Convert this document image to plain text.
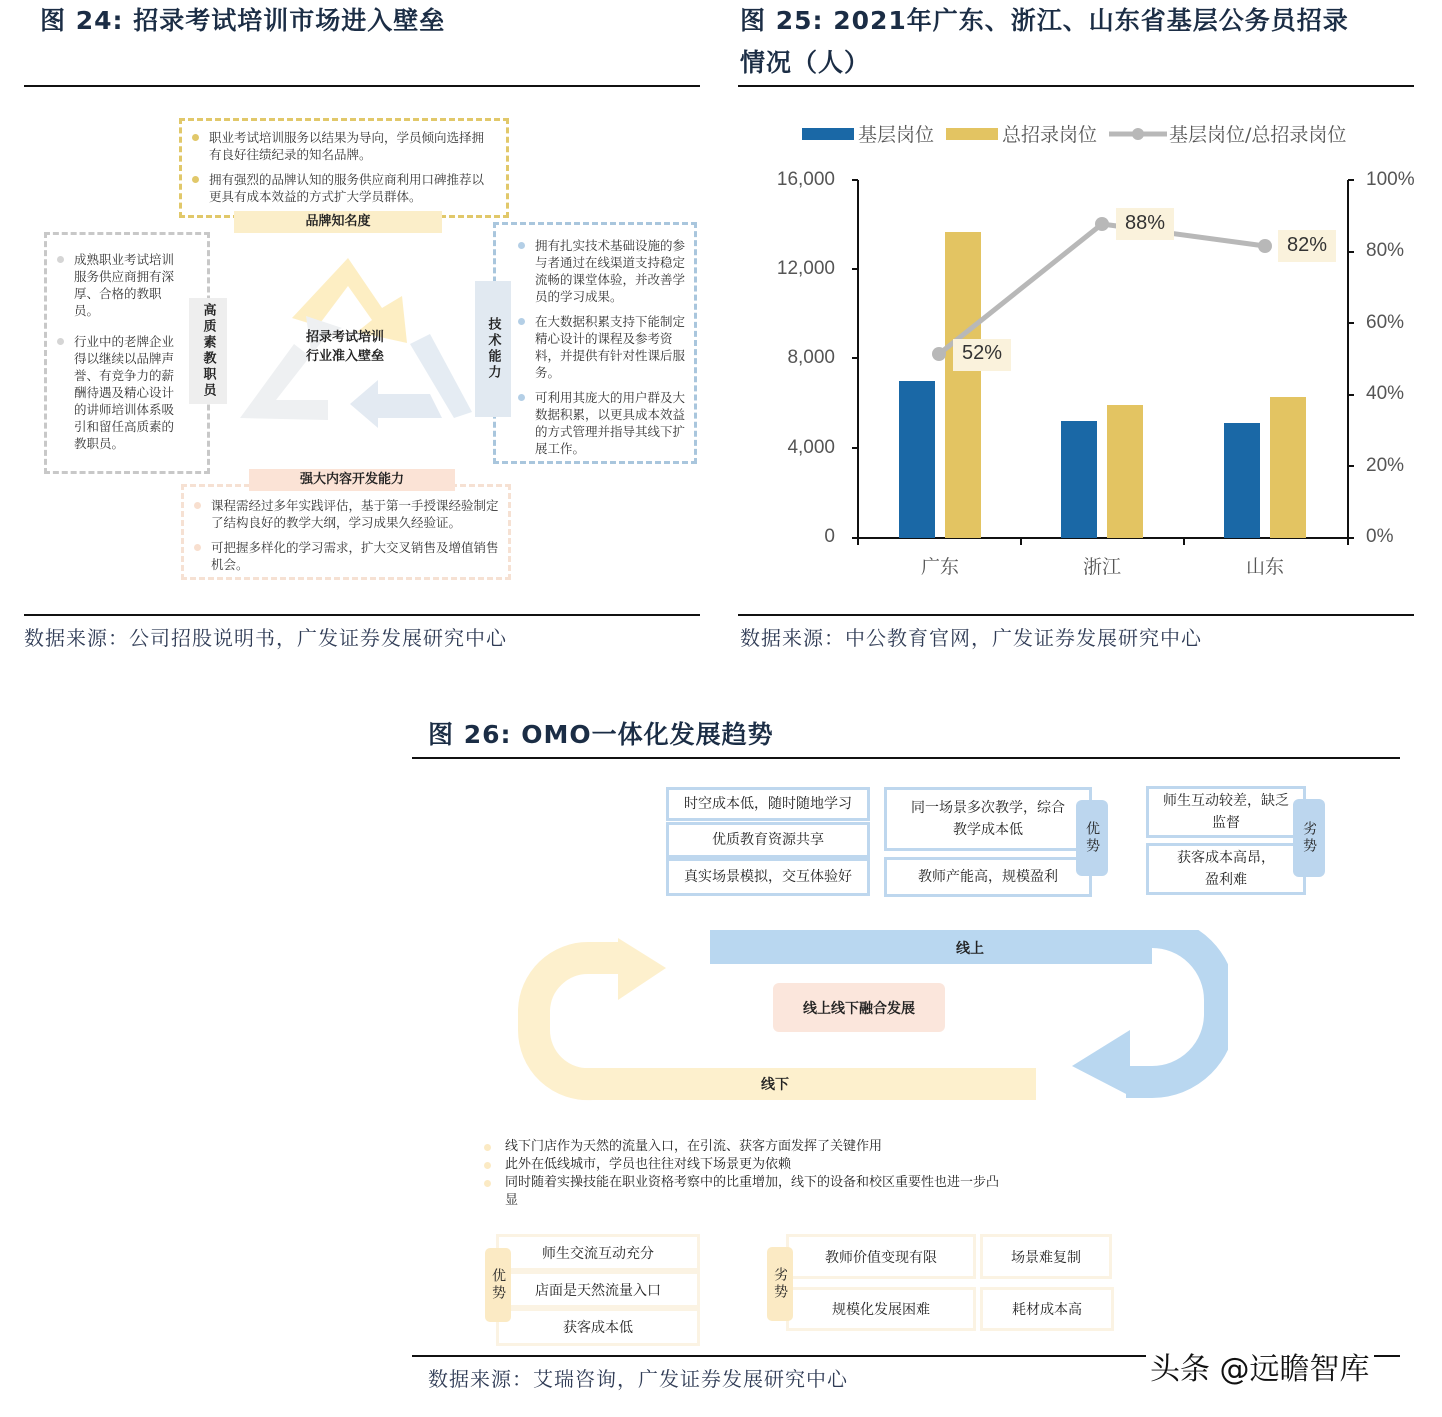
图 24: 招录考试培训市场进入壁垒
职业考试培训服务以结果为导向，学员倾向选择拥有良好往绩纪录的知名品牌。
拥有强烈的品牌认知的服务供应商利用口碑推荐以更具有成本效益的方式扩大学员群体。
品牌知名度
成熟职业考试培训服务供应商拥有深厚、合格的教职员。
行业中的老牌企业得以继续以品牌声誉、有竞争力的薪酬待遇及精心设计的讲师培训体系吸引和留任高质素的教职员。
高质素教职员	招录考试培训行业准入壁垒
拥有扎实技术基础设施的参与者通过在线渠道支持稳定流畅的课堂体验，并改善学员的学习成果。
在大数据积累支持下能制定精心设计的课程及参考资料，并提供有针对性课后服务。
可利用其庞大的用户群及大数据积累，以更具成本效益的方式管理并指导其线下扩展工作。
技术能力
课程需经过多年实践评估，基于第一手授课经验制定了结构良好的教学大纲，学习成果久经验证。
可把握多样化的学习需求，扩大交叉销售及增值销售机会。
强大内容开发能力
数据来源：公司招股说明书，广发证券发展研究中心
图 25: 2021年广东、浙江、山东省基层公务员招录
情况（人）
基层岗位	总招录岗位	基层岗位/总招录岗位
16,000
12,000
8,000
4,000
0
100%
80%
60%
40%
20%
0%
52%
88%
82%
广东	浙江	山东
数据来源：中公教育官网，广发证券发展研究中心
图 26: OMO一体化发展趋势
时空成本低，随时随地学习
优质教育资源共享
真实场景模拟，交互体验好
同一场景多次教学，综合教学成本低
教师产能高，规模盈利
优势
师生互动较差，缺乏监督
获客成本高昂，盈利难
劣势
线上
线下
线上线下融合发展
线下门店作为天然的流量入口，在引流、获客方面发挥了关键作用
此外在低线城市，学员也往往对线下场景更为依赖
同时随着实操技能在职业资格考察中的比重增加，线下的设备和校区重要性也进一步凸显
师生交流互动充分
店面是天然流量入口
获客成本低
优势
教师价值变现有限	场景难复制
规模化发展困难	耗材成本高
劣势
数据来源：艾瑞咨询，广发证券发展研究中心	头条 @远瞻智库
